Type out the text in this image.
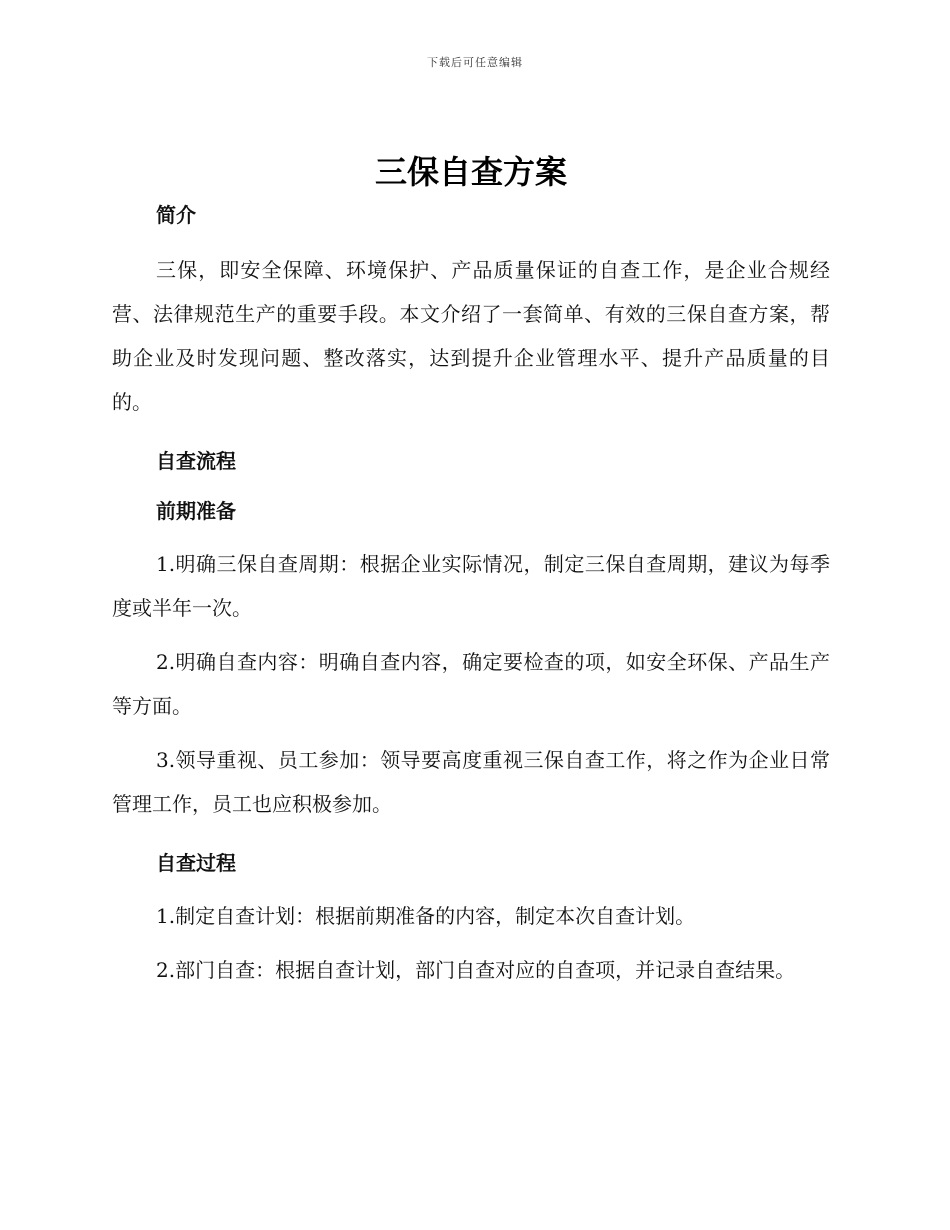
下载后可任意编辑
三保自查方案
简介

三保，即安全保障、环境保护、产品质量保证的自查工作，是企业合规经营、法律规范生产的重要手段。本文介绍了一套简单、有效的三保自查方案，帮助企业及时发现问题、整改落实，达到提升企业管理水平、提升产品质量的目的。

自查流程
前期准备

1.明确三保自查周期：根据企业实际情况，制定三保自查周期，建议为每季度或半年一次。

2.明确自查内容：明确自查内容，确定要检查的项，如安全环保、产品生产等方面。

3.领导重视、员工参加：领导要高度重视三保自查工作，将之作为企业日常管理工作，员工也应积极参加。

自查过程

1.制定自查计划：根据前期准备的内容，制定本次自查计划。

2.部门自查：根据自查计划，部门自查对应的自查项，并记录自查结果。
